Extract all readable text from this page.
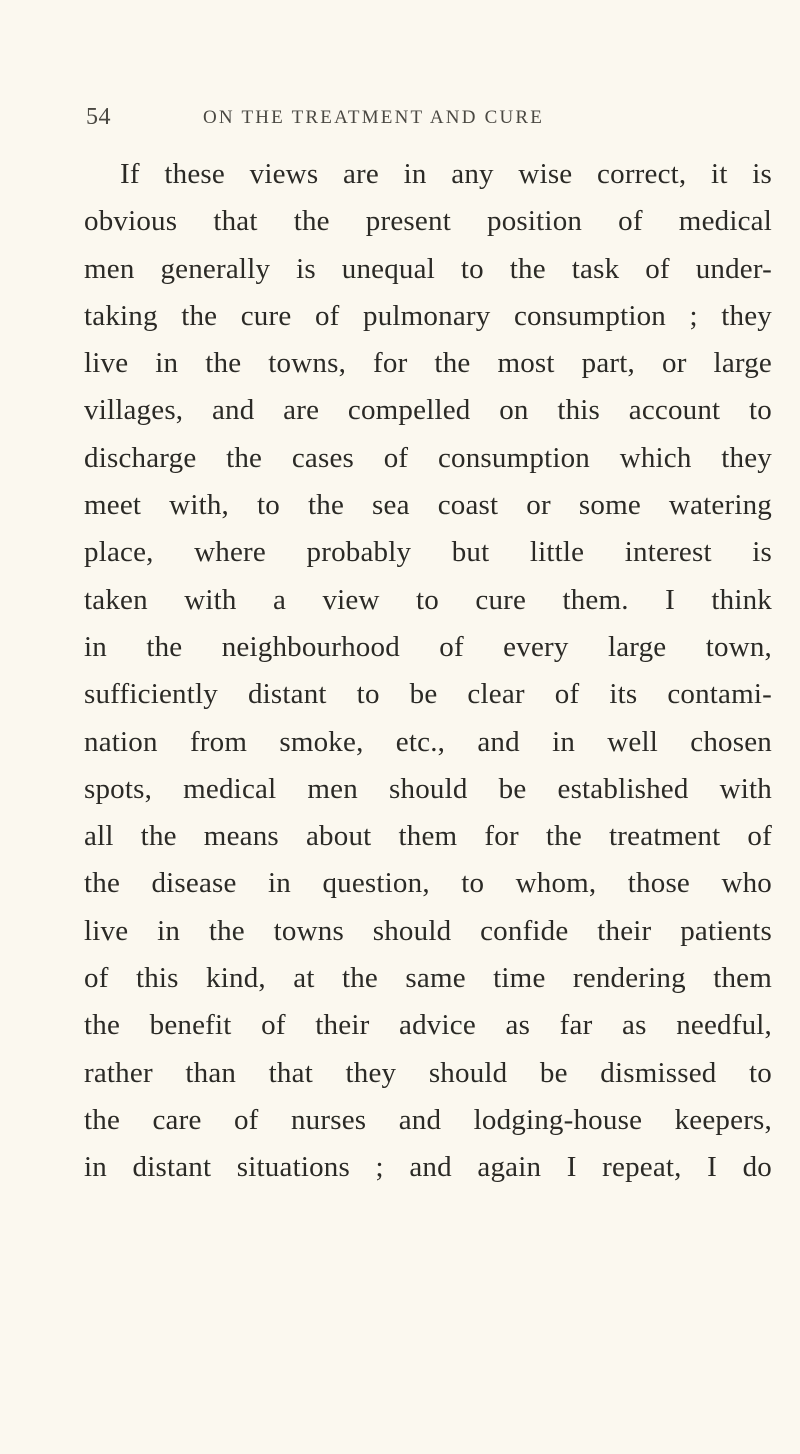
54	ON THE TREATMENT AND CURE
If these views are in any wise correct, it is
obvious that the present position of medical
men generally is unequal to the task of under-
taking the cure of pulmonary consumption ; they
live in the towns, for the most part, or large
villages, and are compelled on this account to
discharge the cases of consumption which they
meet with, to the sea coast or some watering
place, where probably but little interest is
taken with a view to cure them. I think
in the neighbourhood of every large town,
sufficiently distant to be clear of its contami-
nation from smoke, etc., and in well chosen
spots, medical men should be established with
all the means about them for the treatment of
the disease in question, to whom, those who
live in the towns should confide their patients
of this kind, at the same time rendering them
the benefit of their advice as far as needful,
rather than that they should be dismissed to
the care of nurses and lodging-house keepers,
in distant situations ; and again I repeat, I do
